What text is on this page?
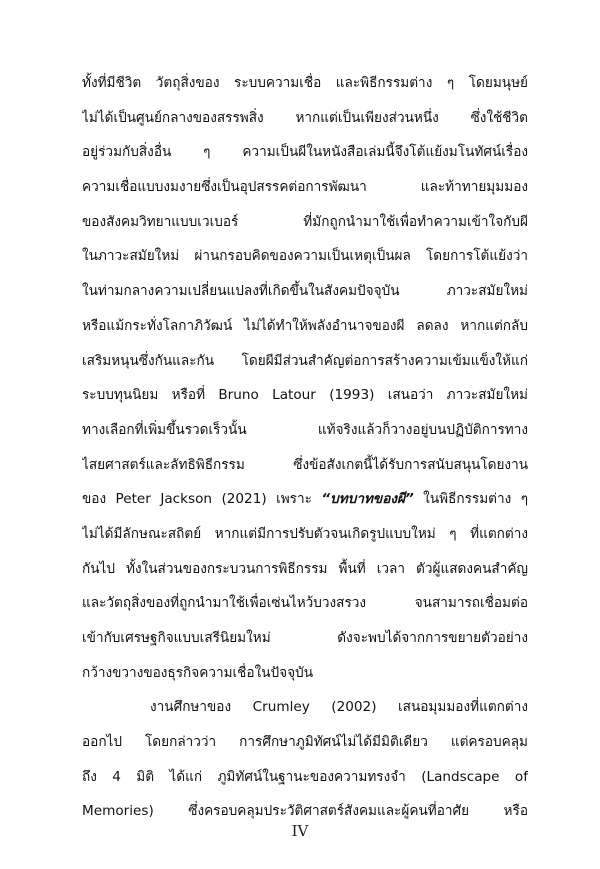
ทั้งที่มีชีวิต วัตถุสิ่งของ ระบบความเชื่อ และพิธีกรรมต่าง ๆ โดยมนุษย์
ไม่ได้เป็นศูนย์กลางของสรรพสิ่ง หากแต่เป็นเพียงส่วนหนึ่ง ซึ่งใช้ชีวิต
อยู่ร่วมกับสิ่งอื่น ๆ ความเป็นผีในหนังสือเล่มนี้จึงโต้แย้งมโนทัศน์เรื่อง
ความเชื่อแบบงมงายซึ่งเป็นอุปสรรคต่อการพัฒนา และท้าทายมุมมอง
ของสังคมวิทยาแบบเวเบอร์ ที่มักถูกนำมาใช้เพื่อทำความเข้าใจกับผี
ในภาวะสมัยใหม่ ผ่านกรอบคิดของความเป็นเหตุเป็นผล โดยการโต้แย้งว่า
ในท่ามกลางความเปลี่ยนแปลงที่เกิดขึ้นในสังคมปัจจุบัน ภาวะสมัยใหม่
หรือแม้กระทั่งโลกาภิวัฒน์ ไม่ได้ทำให้พลังอำนาจของผี ลดลง หากแต่กลับ
เสริมหนุนซึ่งกันและกัน โดยผีมีส่วนสำคัญต่อการสร้างความเข้มแข็งให้แก่
ระบบทุนนิยม หรือที่ Bruno Latour (1993) เสนอว่า ภาวะสมัยใหม่
ทางเลือกที่เพิ่มขึ้นรวดเร็วนั้น แท้จริงแล้วก็วางอยู่บนปฏิบัติการทาง
ไสยศาสตร์และลัทธิพิธีกรรม ซึ่งข้อสังเกตนี้ได้รับการสนับสนุนโดยงาน
ของ Peter Jackson (2021) เพราะ “บทบาทของผี” ในพิธีกรรมต่าง ๆ
ไม่ได้มีลักษณะสถิตย์ หากแต่มีการปรับตัวจนเกิดรูปแบบใหม่ ๆ ที่แตกต่าง
กันไป ทั้งในส่วนของกระบวนการพิธีกรรม พื้นที่ เวลา ตัวผู้แสดงคนสำคัญ
และวัตถุสิ่งของที่ถูกนำมาใช้เพื่อเซ่นไหว้บวงสรวง จนสามารถเชื่อมต่อ
เข้ากับเศรษฐกิจแบบเสรีนิยมใหม่ ดังจะพบได้จากการขยายตัวอย่าง
กว้างขวางของธุรกิจความเชื่อในปัจจุบัน
งานศึกษาของ Crumley (2002) เสนอมุมมองที่แตกต่าง
ออกไป โดยกล่าวว่า การศึกษาภูมิทัศน์ไม่ได้มีมิติเดียว แต่ครอบคลุม
ถึง 4 มิติ ได้แก่ ภูมิทัศน์ในฐานะของความทรงจำ (Landscape of
Memories) ซึ่งครอบคลุมประวัติศาสตร์สังคมและผู้คนที่อาศัย หรือ
IV
